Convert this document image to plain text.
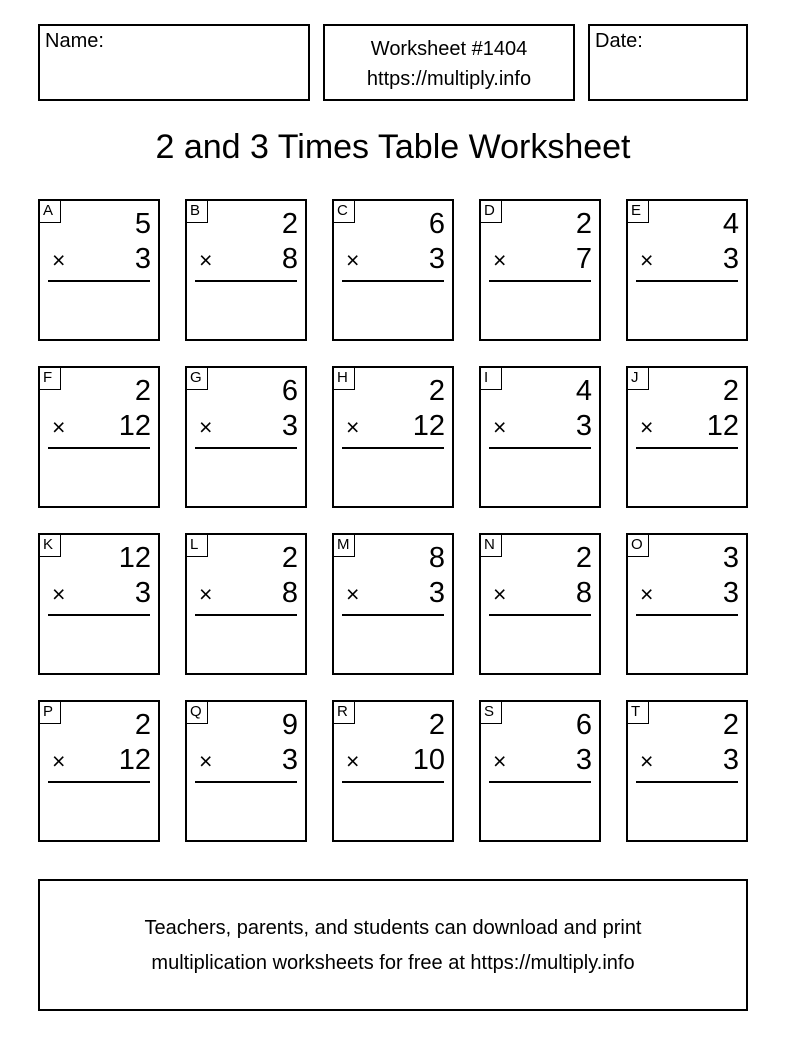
Name:	Worksheet #1404
https://multiply.info
Date:
2 and 3 Times Table Worksheet
A	5
× 3
B	2
× 8
C	6
× 3
D	2
× 7
E	4
× 3
F	2
× 12
G	6
× 3
H	2
× 12
I	4
× 3
J	2
× 12
K 12
× 3
L	2
× 8
M	8
× 3
N	2
× 8
O	3
× 3
P	2
× 12
Q	9
× 3
R	2
× 10
S	6
× 3
T	2
× 3
Teachers, parents, and students can download and print
multiplication worksheets for free at https://multiply.info
